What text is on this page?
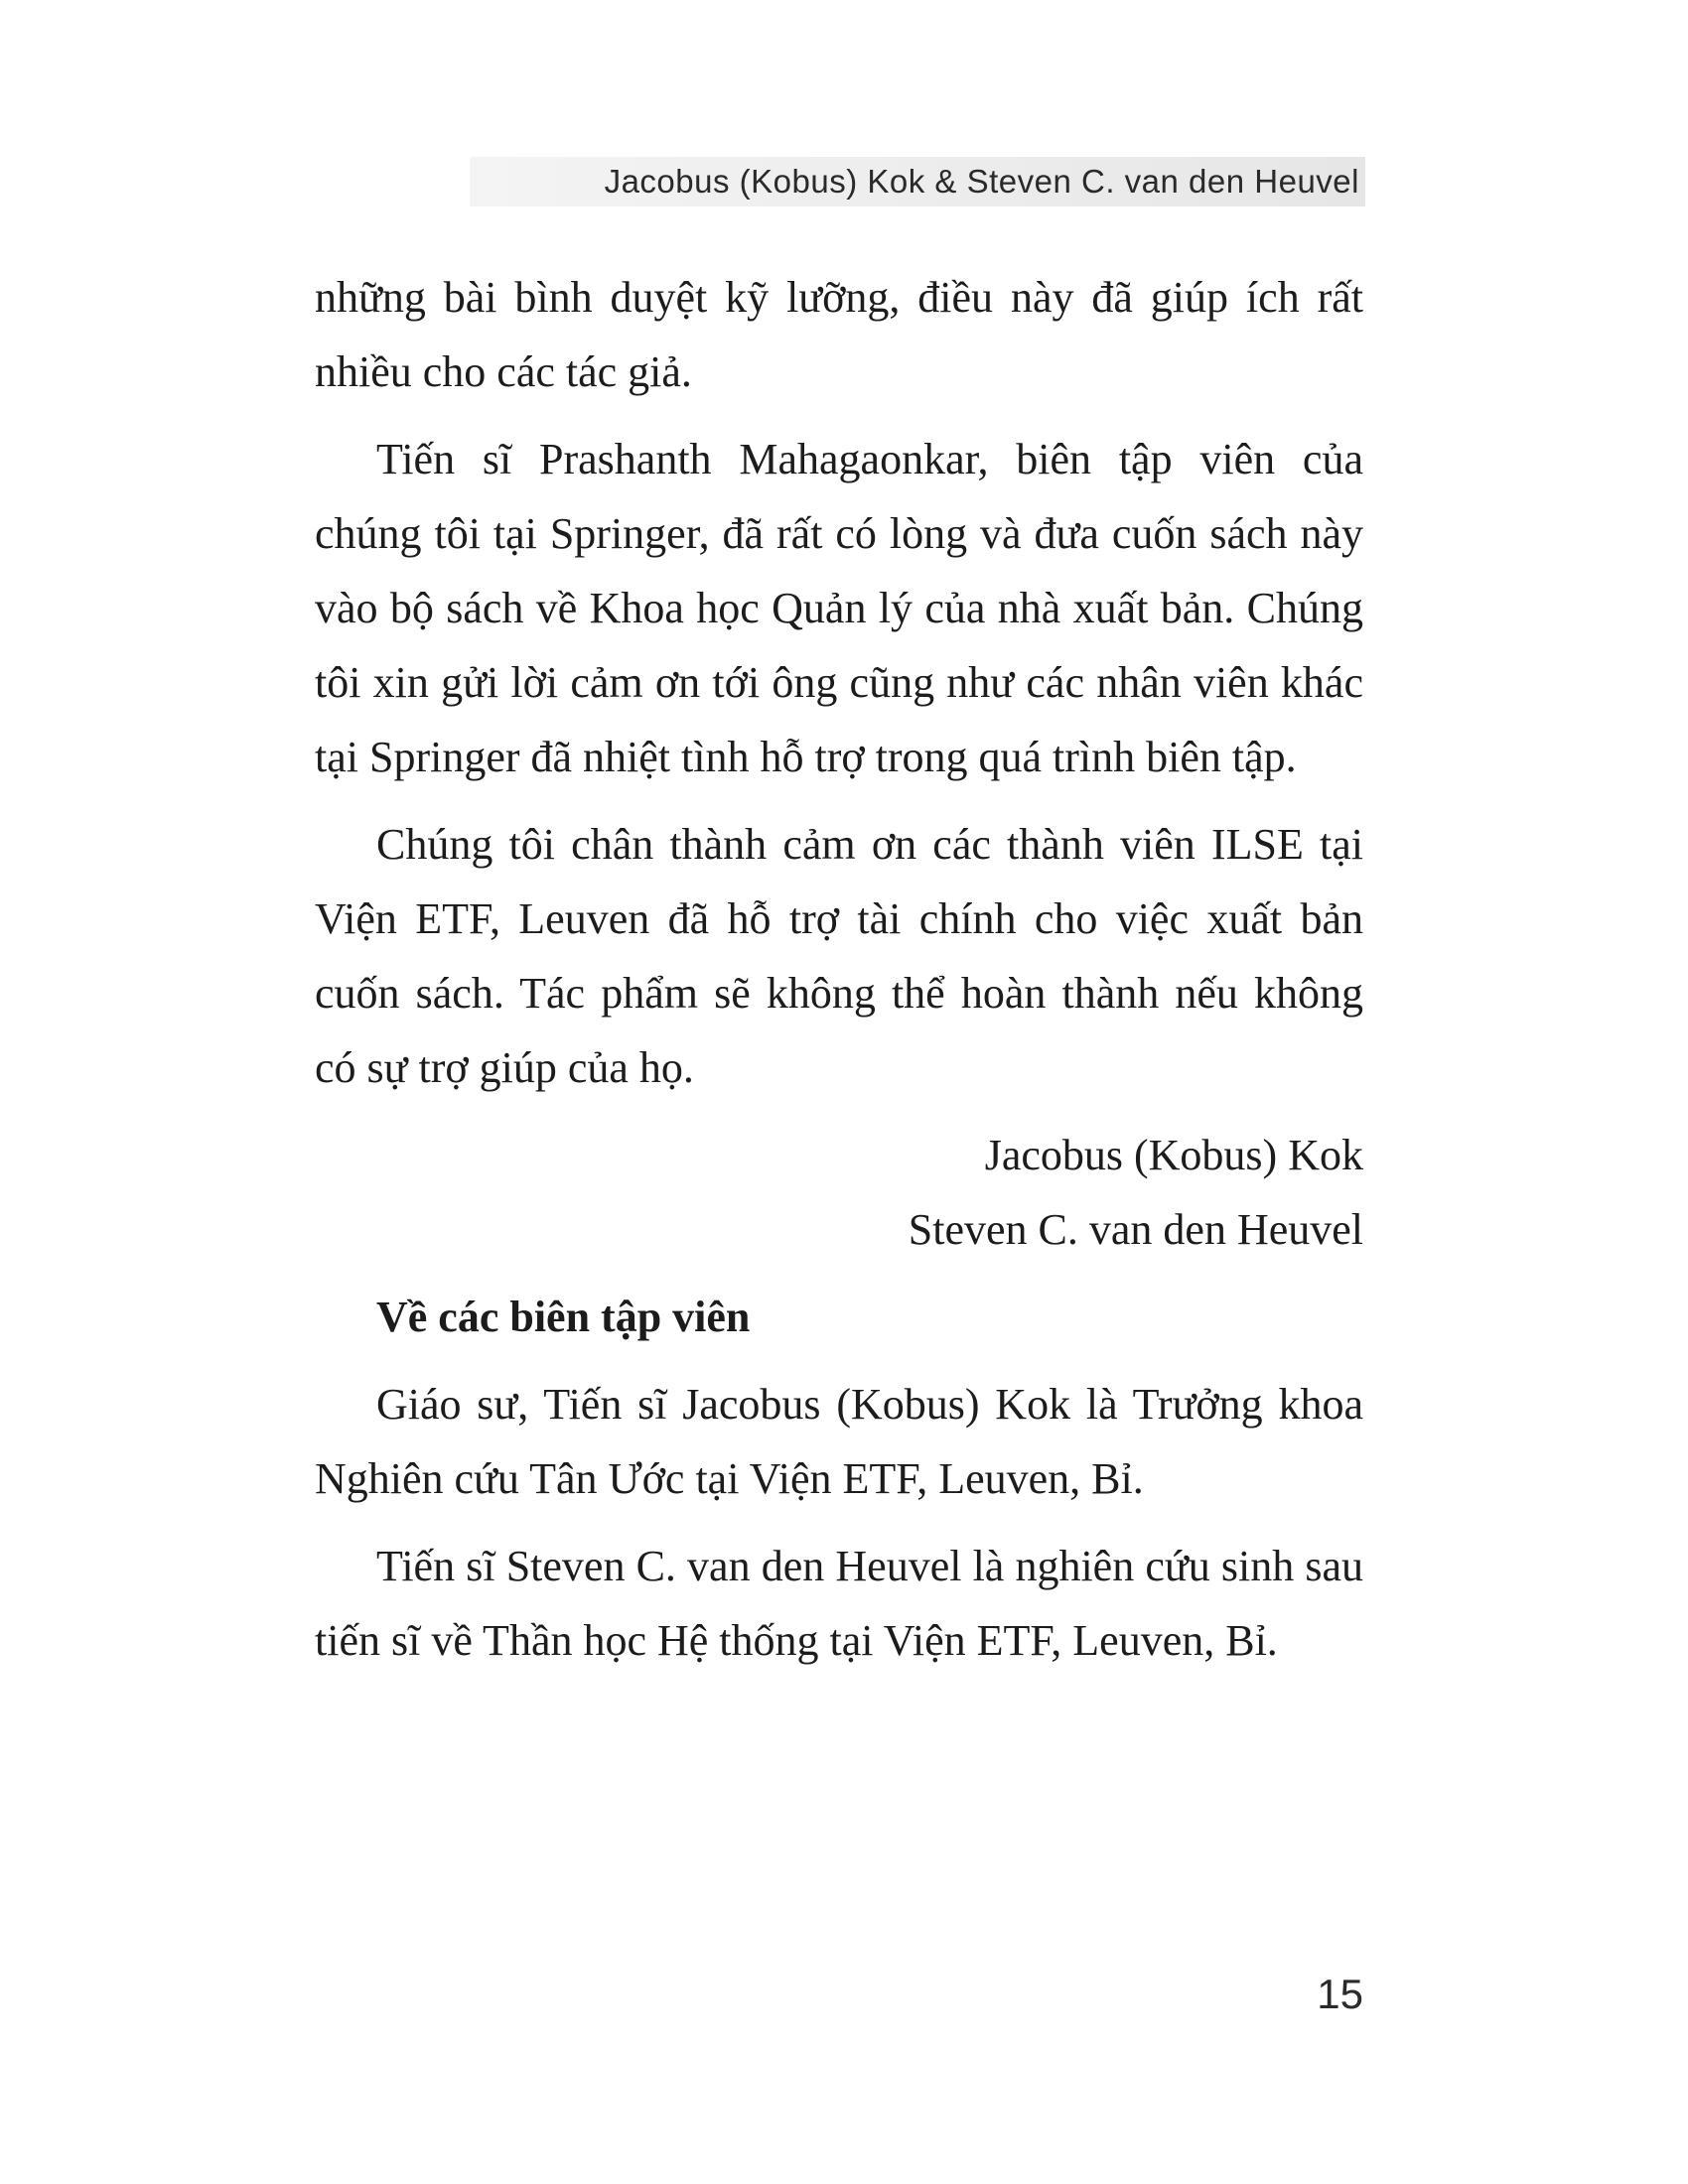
Jacobus (Kobus) Kok & Steven C. van den Heuvel

những bài bình duyệt kỹ lưỡng, điều này đã giúp ích rất nhiều cho các tác giả.

Tiến sĩ Prashanth Mahagaonkar, biên tập viên của chúng tôi tại Springer, đã rất có lòng và đưa cuốn sách này vào bộ sách về Khoa học Quản lý của nhà xuất bản. Chúng tôi xin gửi lời cảm ơn tới ông cũng như các nhân viên khác tại Springer đã nhiệt tình hỗ trợ trong quá trình biên tập.

Chúng tôi chân thành cảm ơn các thành viên ILSE tại Viện ETF, Leuven đã hỗ trợ tài chính cho việc xuất bản cuốn sách. Tác phẩm sẽ không thể hoàn thành nếu không có sự trợ giúp của họ.

Jacobus (Kobus) Kok
Steven C. van den Heuvel

Về các biên tập viên

Giáo sư, Tiến sĩ Jacobus (Kobus) Kok là Trưởng khoa Nghiên cứu Tân Ước tại Viện ETF, Leuven, Bỉ.

Tiến sĩ Steven C. van den Heuvel là nghiên cứu sinh sau tiến sĩ về Thần học Hệ thống tại Viện ETF, Leuven, Bỉ.

15
